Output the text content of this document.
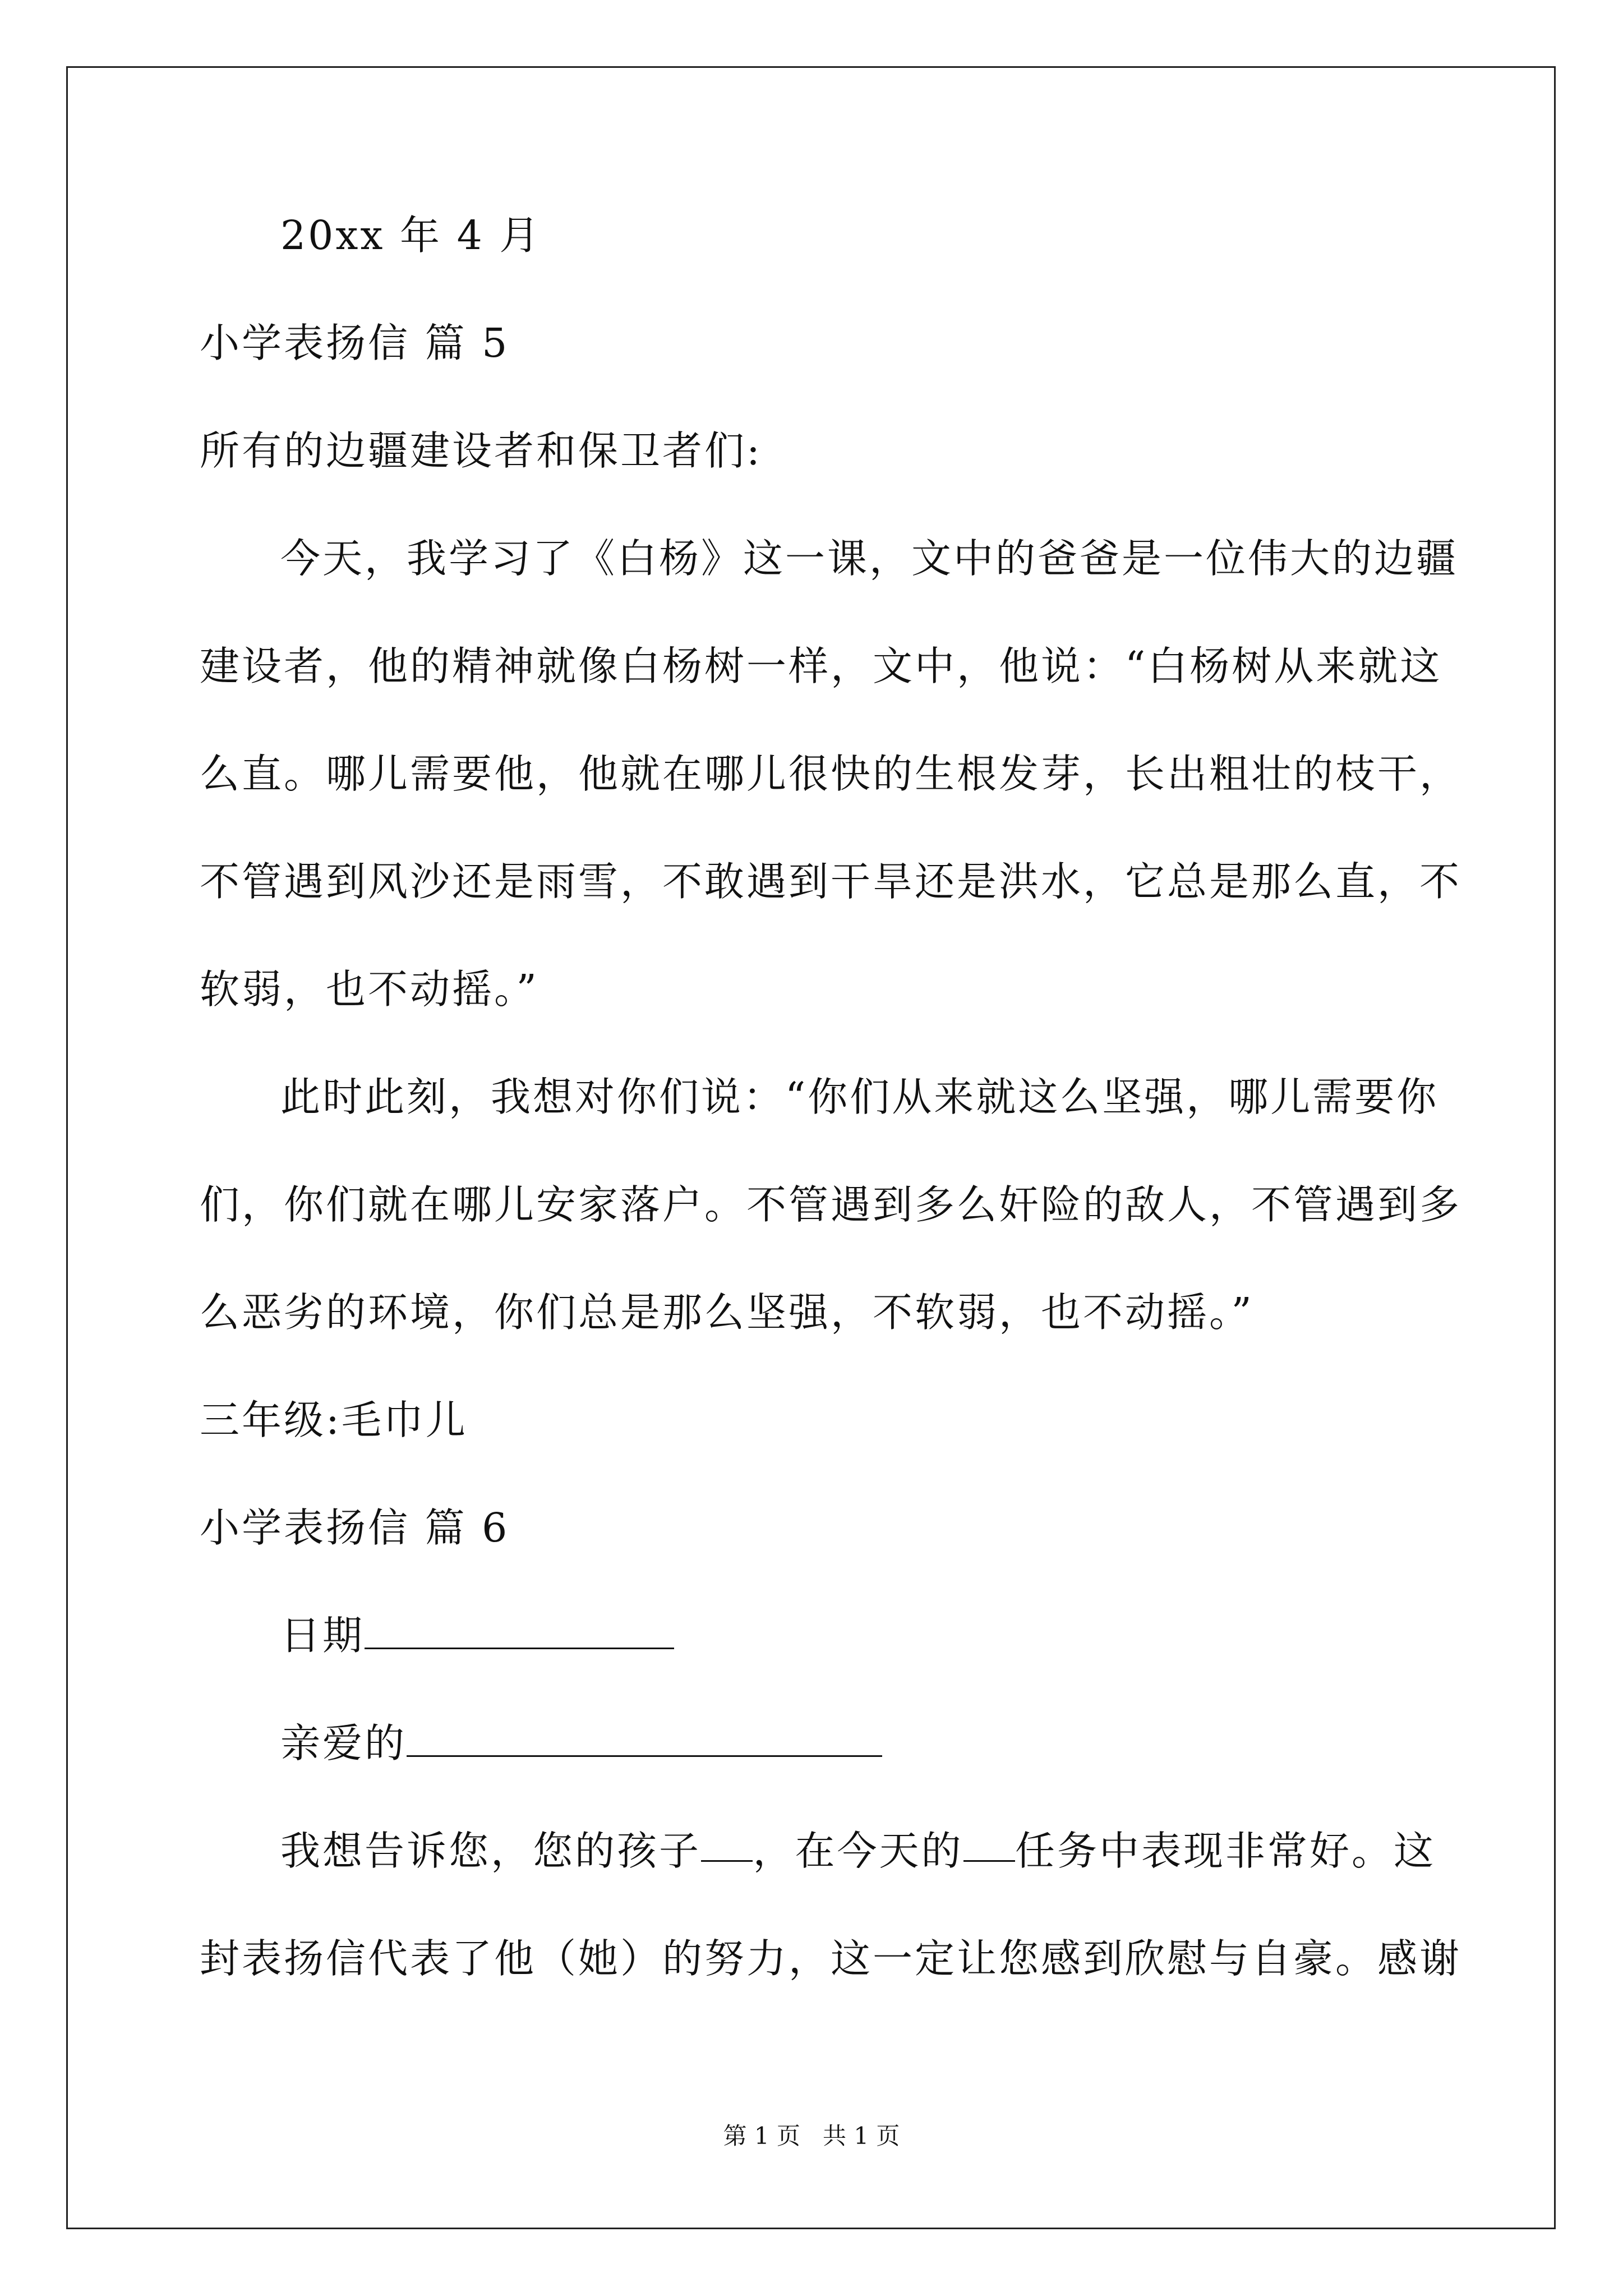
20xx 年 4 月
小学表扬信 篇 5
所有的边疆建设者和保卫者们:
今天，我学习了《白杨》这一课，文中的爸爸是一位伟大的边疆
建设者，他的精神就像白杨树一样，文中，他说：“白杨树从来就这
么直。哪儿需要他，他就在哪儿很快的生根发芽，长出粗壮的枝干，
不管遇到风沙还是雨雪，不敢遇到干旱还是洪水，它总是那么直，不
软弱，也不动摇。”
此时此刻，我想对你们说：“你们从来就这么坚强，哪儿需要你
们，你们就在哪儿安家落户。不管遇到多么奸险的敌人，不管遇到多
么恶劣的环境，你们总是那么坚强，不软弱，也不动摇。”
三年级:毛巾儿
小学表扬信 篇 6
日期
亲爱的
我想告诉您，您的孩子 ，在今天的 任务中表现非常好。这
封表扬信代表了他（她）的努力，这一定让您感到欣慰与自豪。感谢
第 1 页 共 1 页
